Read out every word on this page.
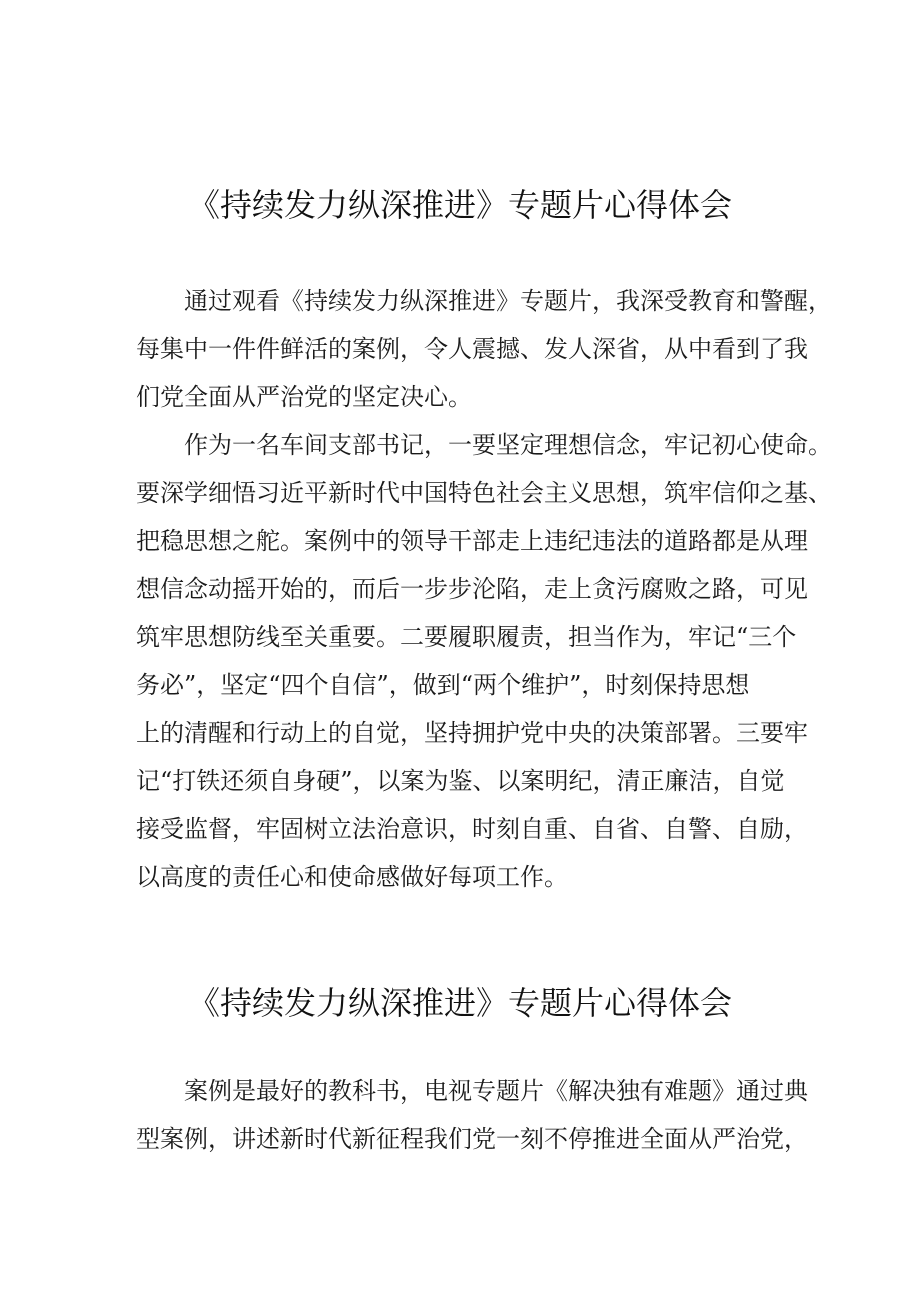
《持续发力纵深推进》专题片心得体会

通过观看《持续发力纵深推进》专题片，我深受教育和警醒，

每集中一件件鲜活的案例，令人震撼、发人深省，从中看到了我

们党全面从严治党的坚定决心。

作为一名车间支部书记，一要坚定理想信念，牢记初心使命。

要深学细悟习近平新时代中国特色社会主义思想，筑牢信仰之基、

把稳思想之舵。案例中的领导干部走上违纪违法的道路都是从理

想信念动摇开始的，而后一步步沦陷，走上贪污腐败之路，可见

筑牢思想防线至关重要。二要履职履责，担当作为，牢记“三个

务必”，坚定“四个自信”，做到“两个维护”，时刻保持思想

上的清醒和行动上的自觉，坚持拥护党中央的决策部署。三要牢

记“打铁还须自身硬”，以案为鉴、以案明纪，清正廉洁，自觉

接受监督，牢固树立法治意识，时刻自重、自省、自警、自励，

以高度的责任心和使命感做好每项工作。

《持续发力纵深推进》专题片心得体会

案例是最好的教科书，电视专题片《解决独有难题》通过典

型案例，讲述新时代新征程我们党一刻不停推进全面从严治党，
